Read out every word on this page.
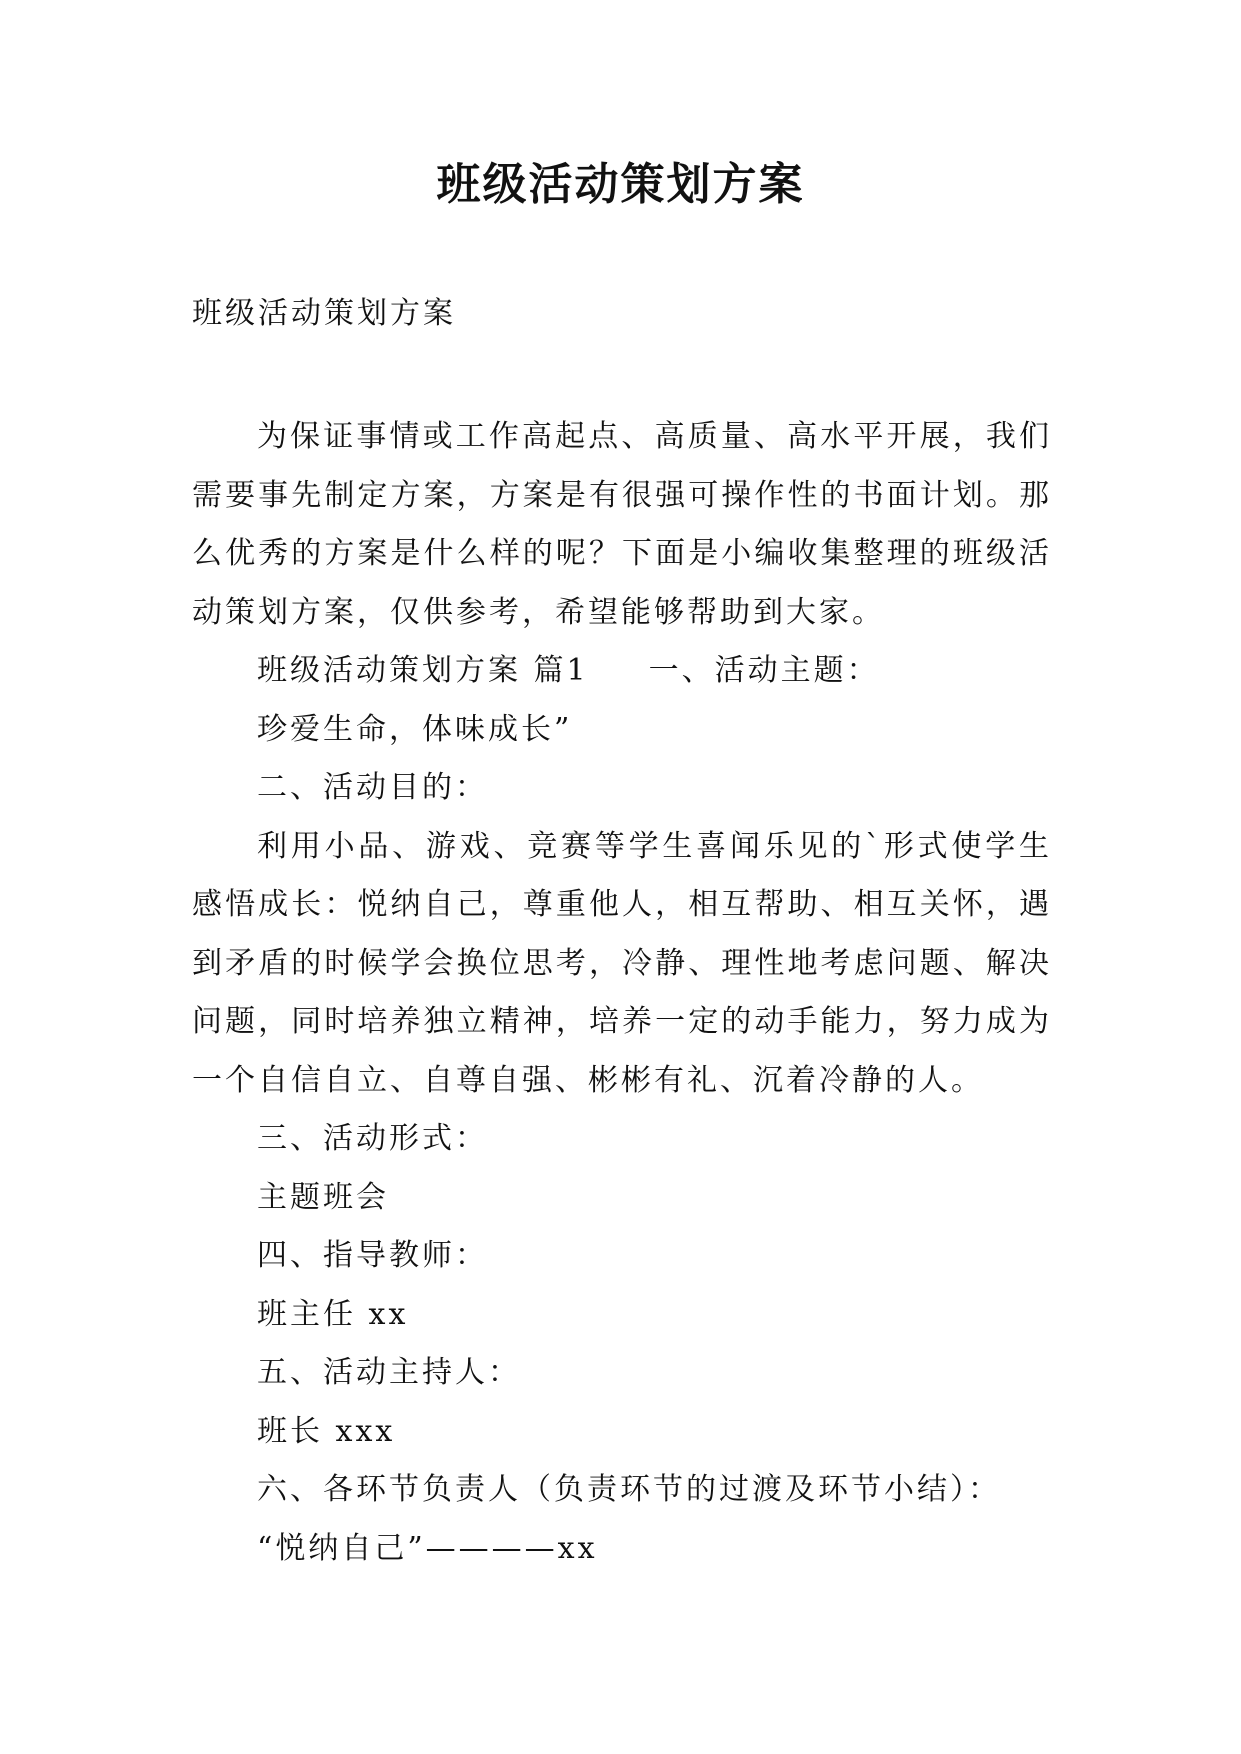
班级活动策划方案
班级活动策划方案

为保证事情或工作高起点、高质量、高水平开展，我们需要事先制定方案，方案是有很强可操作性的书面计划。那么优秀的方案是什么样的呢？下面是小编收集整理的班级活动策划方案，仅供参考，希望能够帮助到大家。

班级活动策划方案 篇1 一、活动主题：

珍爱生命，体味成长”

二、活动目的：

利用小品、游戏、竞赛等学生喜闻乐见的`形式使学生感悟成长：悦纳自己，尊重他人，相互帮助、相互关怀，遇到矛盾的时候学会换位思考，冷静、理性地考虑问题、解决问题，同时培养独立精神，培养一定的动手能力，努力成为一个自信自立、自尊自强、彬彬有礼、沉着冷静的人。

三、活动形式：

主题班会

四、指导教师：

班主任 xx

五、活动主持人：

班长 xxx

六、各环节负责人（负责环节的过渡及环节小结）：

“悦纳自己”————xx
